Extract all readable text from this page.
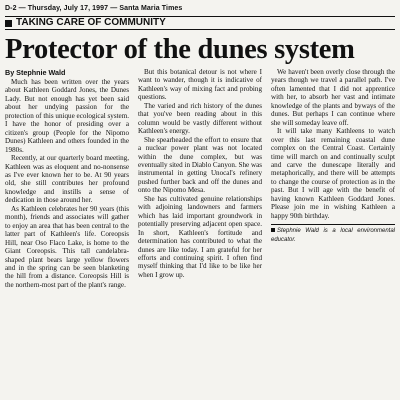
D-2 — Thursday, July 17, 1997 — Santa Maria Times
TAKING CARE OF COMMUNITY
Protector of the dunes system
By Stephnie Wald

Much has been written over the years about Kathleen Goddard Jones, the Dunes Lady. But not enough has yet been said about her undying passion for the protection of this unique ecological system. I have the honor of presiding over a citizen's group (People for the Nipomo Dunes) Kathleen and others founded in the 1980s.

Recently, at our quarterly board meeting, Kathleen was as eloquent and no-nonsense as I've ever known her to be. At 90 years old, she still contributes her profound knowledge and instills a sense of dedication in those around her.

As Kathleen celebrates her 90 years (this month), friends and associates will gather to enjoy an area that has been central to the latter part of Kathleen's life. Coreopsis Hill, near Oso Flaco Lake, is home to the Giant Coreopsis. This tall candelabra-shaped plant bears large yellow flowers and in the spring can be seen blanketing the hill from a distance. Coreopsis Hill is the northern-most part of the plant's range.

But this botanical detour is not where I want to wander, though it is indicative of Kathleen's way of mixing fact and probing questions.

The varied and rich history of the dunes that you've been reading about in this column would be vastly different without Kathleen's energy.

She spearheaded the effort to ensure that a nuclear power plant was not located within the dune complex, but was eventually sited in Diablo Canyon. She was instrumental in getting Unocal's refinery pushed further back and off the dunes and onto the Nipomo Mesa.

She has cultivated genuine relationships with adjoining landowners and farmers which has laid important groundwork in potentially preserving adjacent open space. In short, Kathleen's fortitude and determination has contributed to what the dunes are like today. I am grateful for her efforts and continuing spirit. I often find myself thinking that I'd like to be like her when I grow up.

We haven't been overly close through the years though we travel a parallel path. I've often lamented that I did not apprentice with her, to absorb her vast and intimate knowledge of the plants and byways of the dunes. But perhaps I can continue where she will someday leave off.

It will take many Kathleens to watch over this last remaining coastal dune complex on the Central Coast. Certainly time will march on and continually sculpt and carve the dunescape literally and metaphorically, and there will be attempts to change the course of protection as in the past. But I will age with the benefit of having known Kathleen Goddard Jones. Please join me in wishing Kathleen a happy 90th birthday.

Stephnie Wald is a local environmental educator.
